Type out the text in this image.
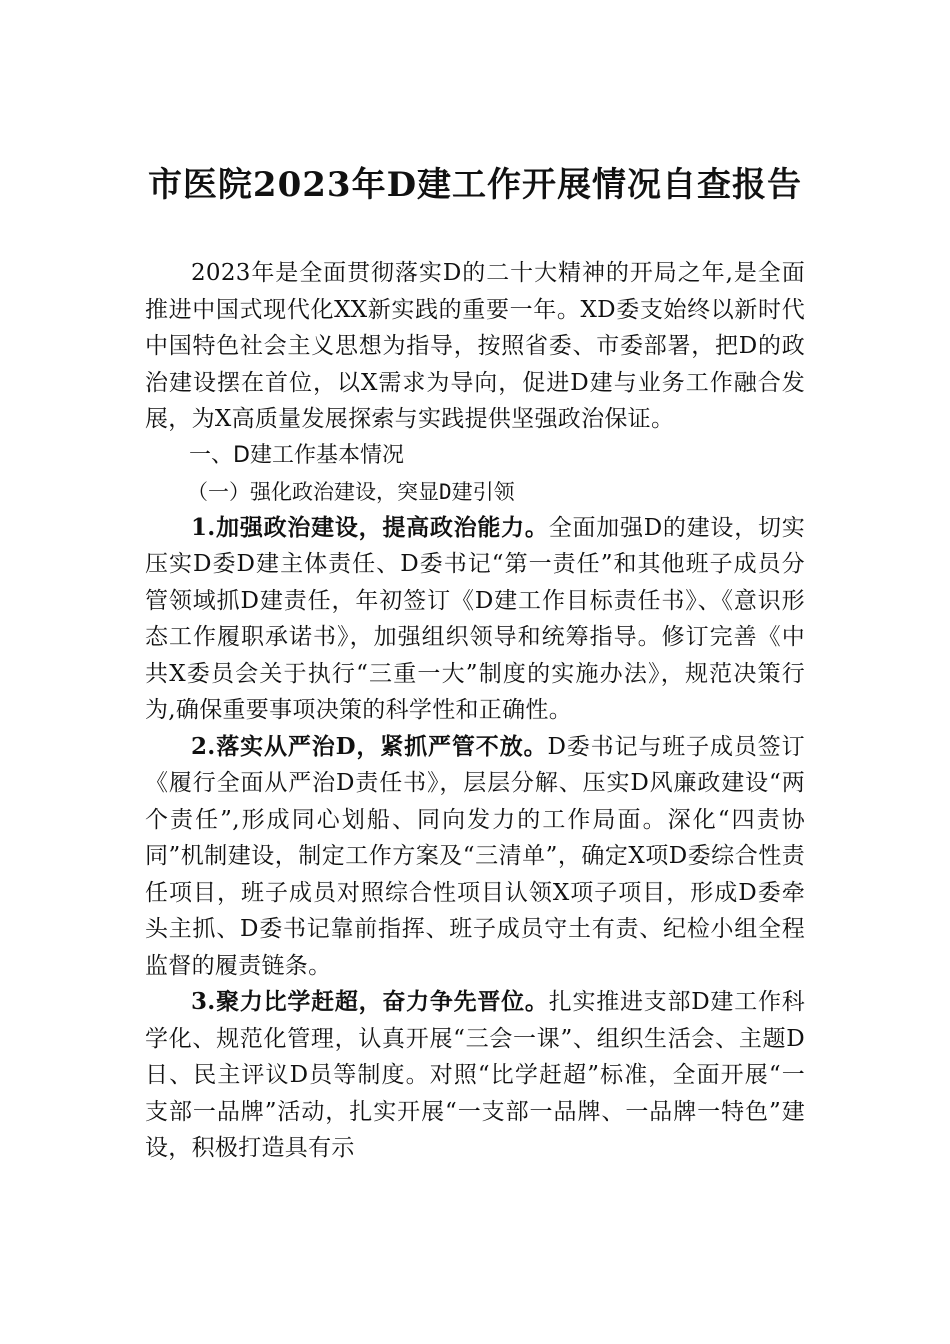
市医院2023年D建工作开展情况自查报告

2023年是全面贯彻落实D的二十大精神的开局之年,是全面推进中国式现代化XX新实践的重要一年。XD委支始终以新时代中国特色社会主义思想为指导，按照省委、市委部署，把D的政治建设摆在首位，以X需求为导向，促进D建与业务工作融合发展，为X高质量发展探索与实践提供坚强政治保证。

一、D建工作基本情况

（一）强化政治建设，突显D建引领

1.加强政治建设，提高政治能力。全面加强D的建设，切实压实D委D建主体责任、D委书记“第一责任”和其他班子成员分管领域抓D建责任，年初签订《D建工作目标责任书》、《意识形态工作履职承诺书》，加强组织领导和统筹指导。修订完善《中共X委员会关于执行“三重一大”制度的实施办法》，规范决策行为,确保重要事项决策的科学性和正确性。

2.落实从严治D，紧抓严管不放。D委书记与班子成员签订《履行全面从严治D责任书》，层层分解、压实D风廉政建设“两个责任”,形成同心划船、同向发力的工作局面。深化“四责协同”机制建设，制定工作方案及“三清单”，确定X项D委综合性责任项目，班子成员对照综合性项目认领X项子项目，形成D委牵头主抓、D委书记靠前指挥、班子成员守土有责、纪检小组全程监督的履责链条。

3.聚力比学赶超，奋力争先晋位。扎实推进支部D建工作科学化、规范化管理，认真开展“三会一课”、组织生活会、主题D日、民主评议D员等制度。对照“比学赶超”标准，全面开展“一支部一品牌”活动，扎实开展“一支部一品牌、一品牌一特色”建设，积极打造具有示
